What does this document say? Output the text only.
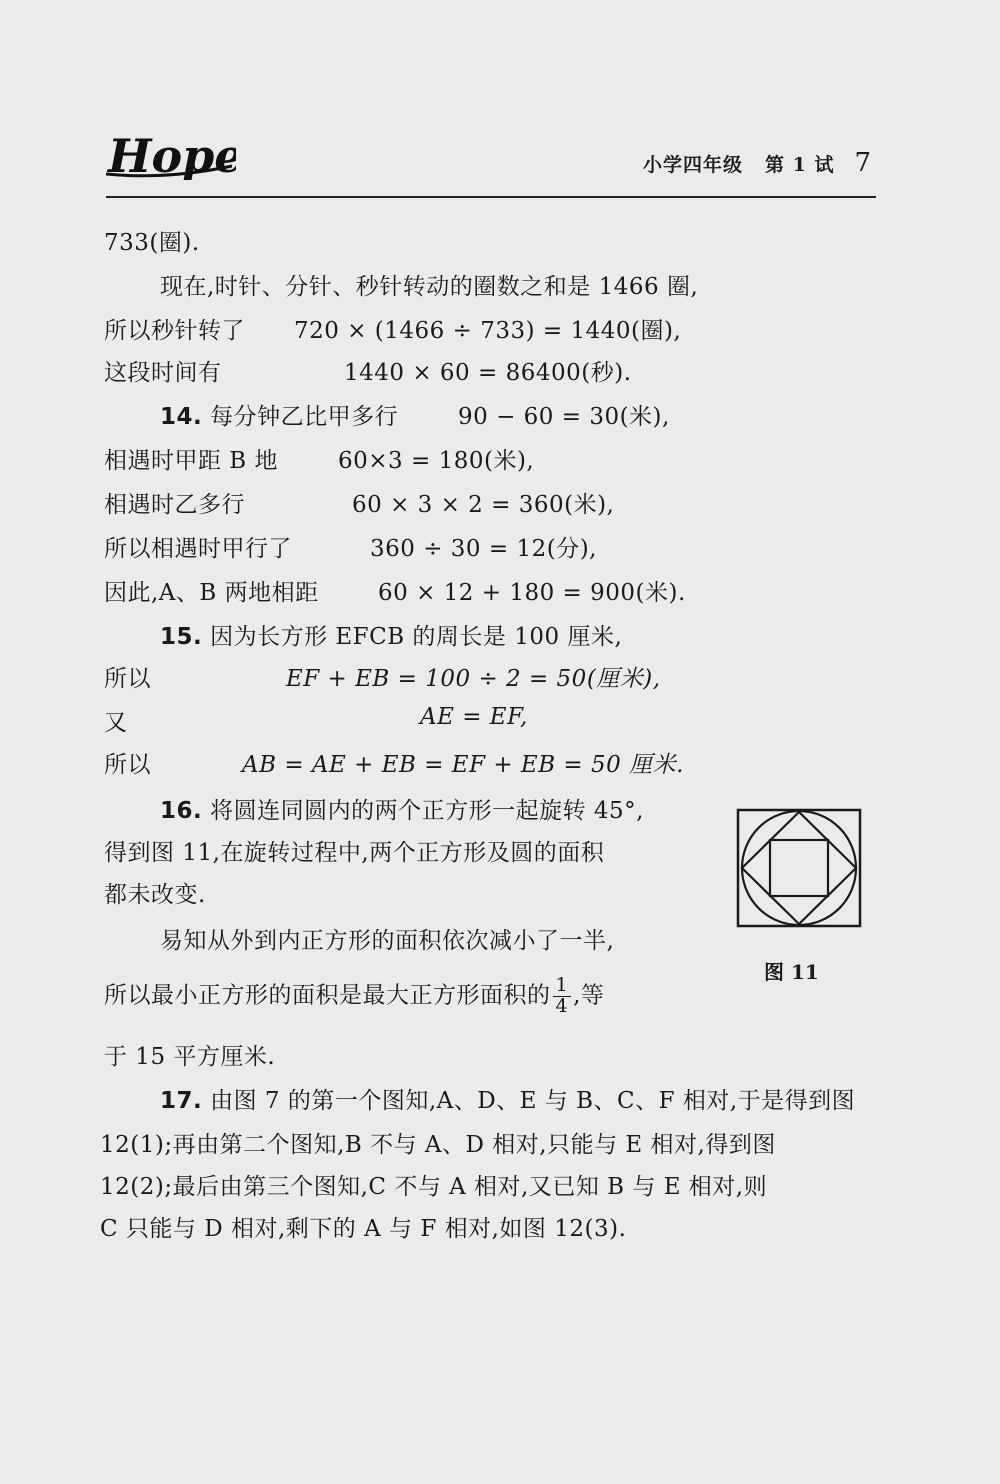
Hope	小学四年级 第 1 试 7
733(圈).
现在,时针、分针、秒针转动的圈数之和是 1466 圈,
所以秒针转了 720 × (1466 ÷ 733) = 1440(圈),
这段时间有	1440 × 60 = 86400(秒).
14. 每分钟乙比甲多行	90 − 60 = 30(米),
相遇时甲距 B 地	60×3 = 180(米),
相遇时乙多行	60 × 3 × 2 = 360(米),
所以相遇时甲行了	360 ÷ 30 = 12(分),
因此,A、B 两地相距	60 × 12 + 180 = 900(米).
15. 因为长方形 EFCB 的周长是 100 厘米,
所以	EF + EB = 100 ÷ 2 = 50(厘米),
又	AE = EF,
所以	AB = AE + EB = EF + EB = 50 厘米.
16. 将圆连同圆内的两个正方形一起旋转 45°,
得到图 11,在旋转过程中,两个正方形及圆的面积
都未改变.
易知从外到内正方形的面积依次减小了一半,
所以最小正方形的面积是最大正方形面积的 $\frac{1}{4}$ ,等
于 15 平方厘米.
17. 由图 7 的第一个图知,A、D、E 与 B、C、F 相对,于是得到图
12(1);再由第二个图知,B 不与 A、D 相对,只能与 E 相对,得到图
12(2);最后由第三个图知,C 不与 A 相对,又已知 B 与 E 相对,则
C 只能与 D 相对,剩下的 A 与 F 相对,如图 12(3).
图 11
